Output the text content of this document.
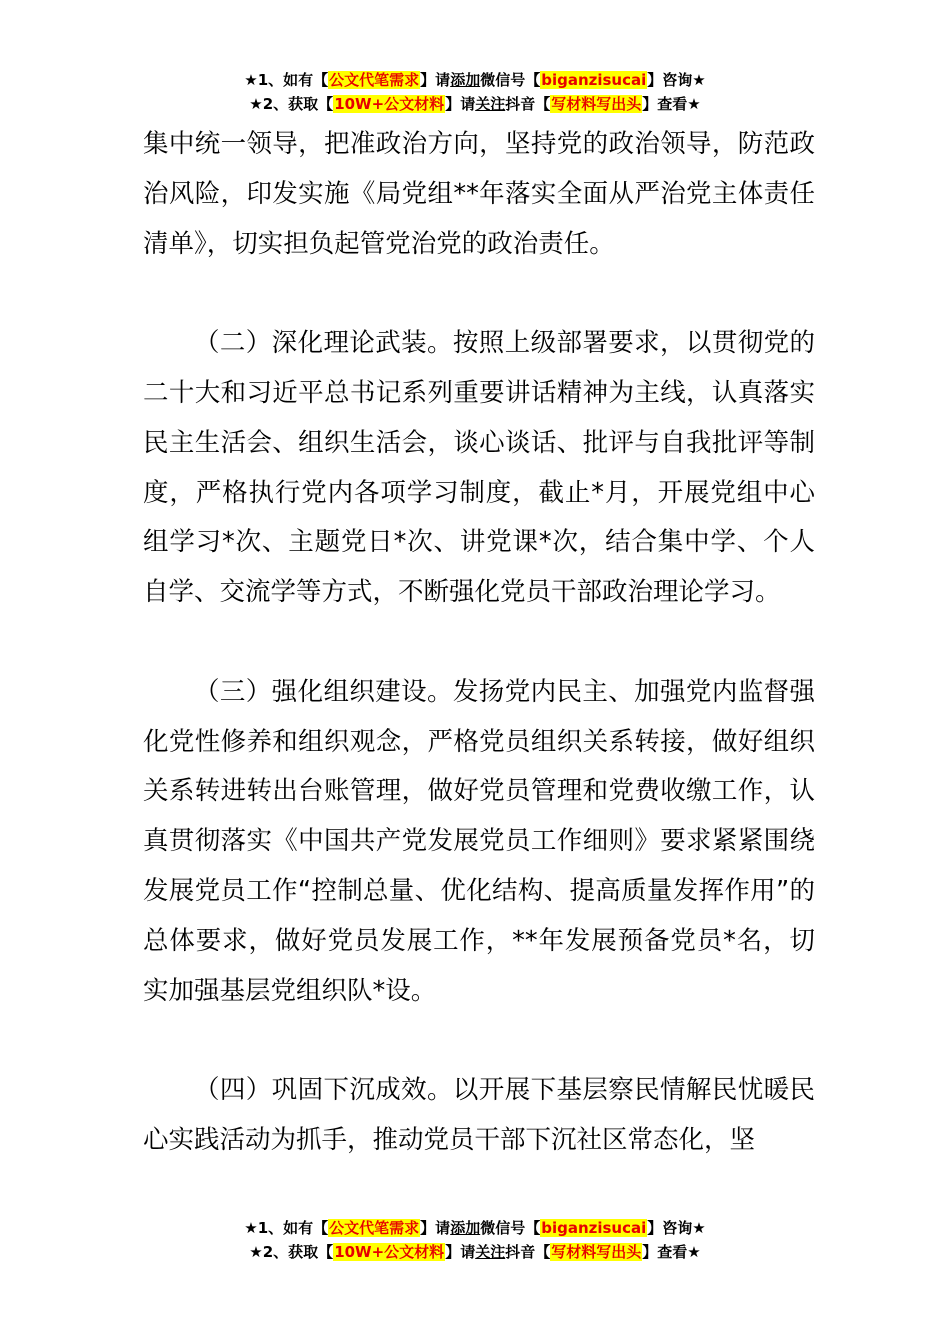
★1、如有【公文代笔需求】请添加微信号【biganzisucai】咨询★
★2、获取【10W+公文材料】请关注抖音【写材料写出头】查看★

集中统一领导，把准政治方向，坚持党的政治领导，防范政治风险，印发实施《局党组**年落实全面从严治党主体责任清单》，切实担负起管党治党的政治责任。

（二）深化理论武装。按照上级部署要求，以贯彻党的二十大和习近平总书记系列重要讲话精神为主线，认真落实民主生活会、组织生活会，谈心谈话、批评与自我批评等制度，严格执行党内各项学习制度，截止*月，开展党组中心组学习*次、主题党日*次、讲党课*次，结合集中学、个人自学、交流学等方式，不断强化党员干部政治理论学习。

（三）强化组织建设。发扬党内民主、加强党内监督强化党性修养和组织观念，严格党员组织关系转接，做好组织关系转进转出台账管理，做好党员管理和党费收缴工作，认真贯彻落实《中国共产党发展党员工作细则》要求紧紧围绕发展党员工作“控制总量、优化结构、提高质量发挥作用”的总体要求，做好党员发展工作，**年发展预备党员*名，切实加强基层党组织队*设。

（四）巩固下沉成效。以开展下基层察民情解民忧暖民心实践活动为抓手，推动党员干部下沉社区常态化，坚

★1、如有【公文代笔需求】请添加微信号【biganzisucai】咨询★
★2、获取【10W+公文材料】请关注抖音【写材料写出头】查看★
